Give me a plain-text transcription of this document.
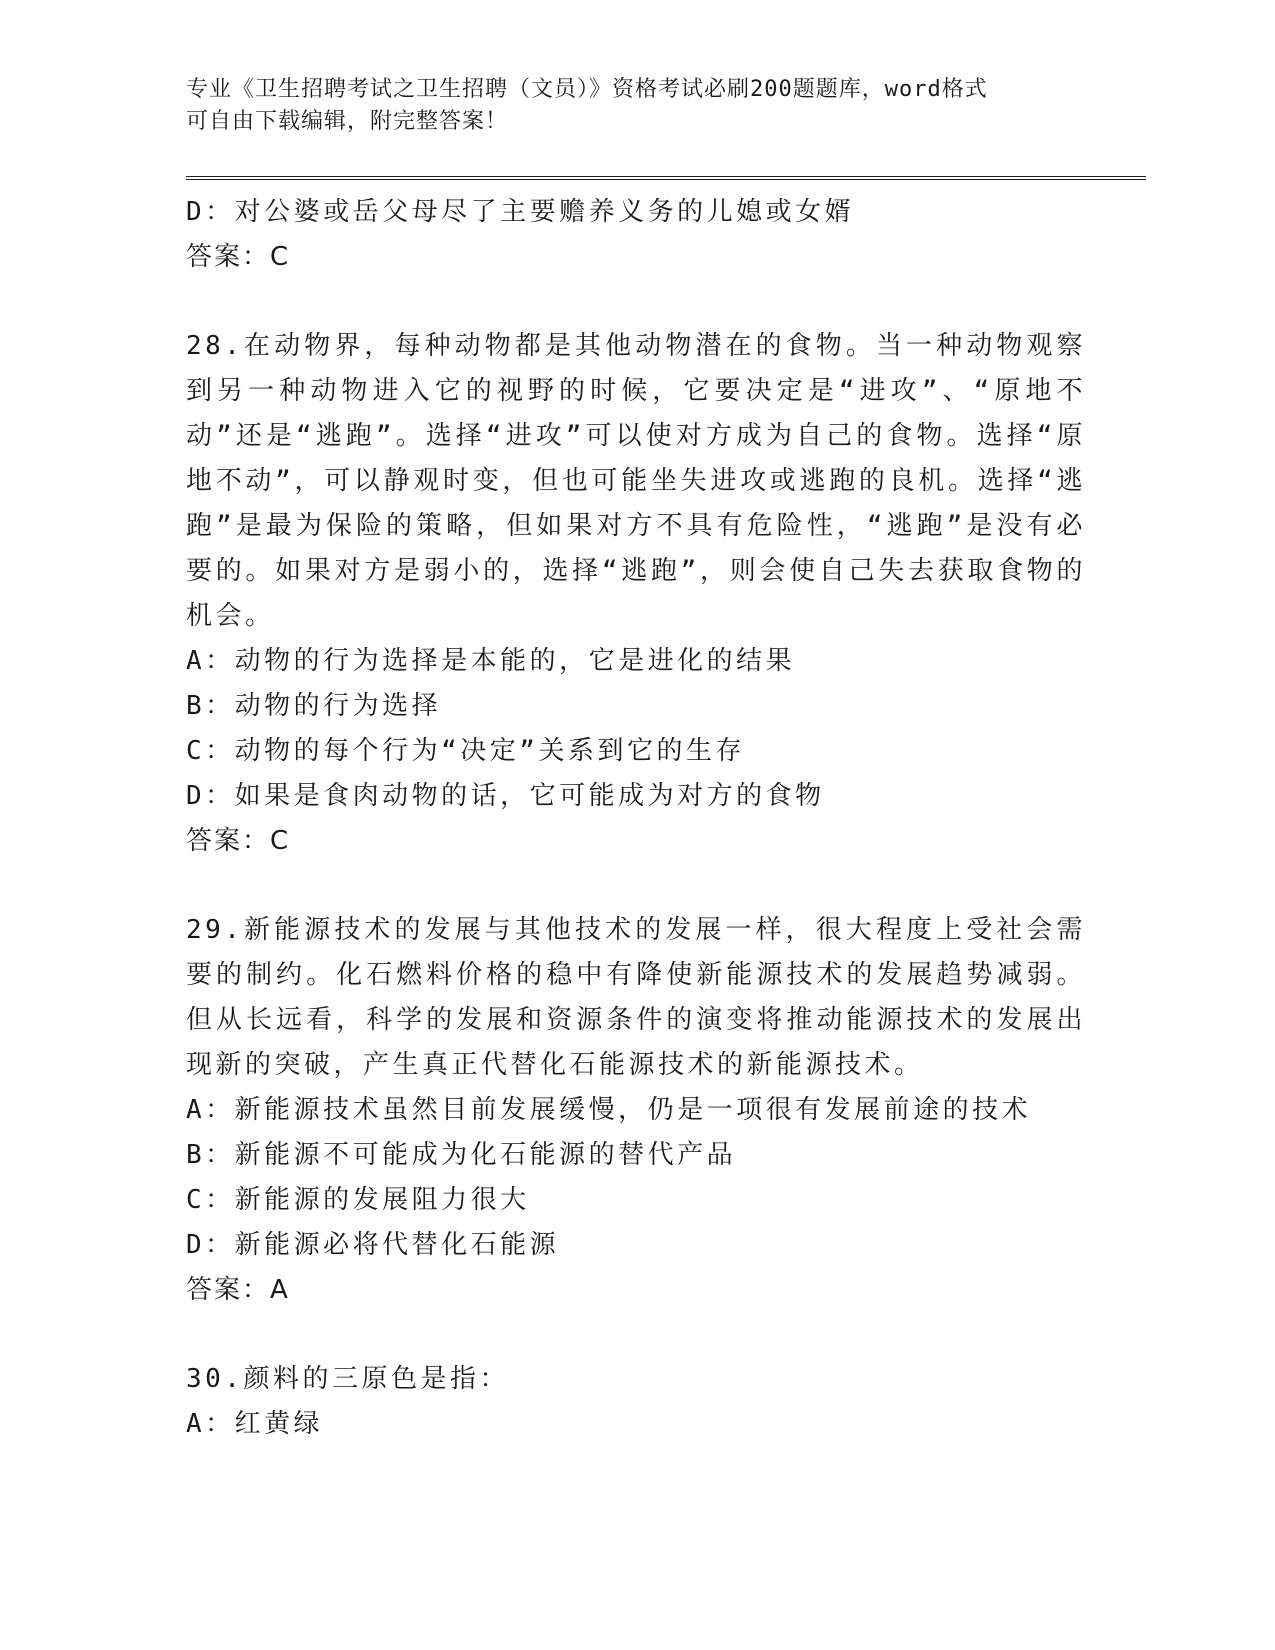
专业《卫生招聘考试之卫生招聘（文员）》资格考试必刷200题题库，word格式
可自由下载编辑，附完整答案！

D：对公婆或岳父母尽了主要赡养义务的儿媳或女婿

答案：C

28.在动物界，每种动物都是其他动物潜在的食物。当一种动物观察到另一种动物进入它的视野的时候，它要决定是“进攻”、“原地不动”还是“逃跑”。选择“进攻”可以使对方成为自己的食物。选择“原地不动”，可以静观时变，但也可能坐失进攻或逃跑的良机。选择“逃跑”是最为保险的策略，但如果对方不具有危险性，“逃跑”是没有必要的。如果对方是弱小的，选择“逃跑”，则会使自己失去获取食物的机会。

A：动物的行为选择是本能的，它是进化的结果

B：动物的行为选择

C：动物的每个行为“决定”关系到它的生存

D：如果是食肉动物的话，它可能成为对方的食物

答案：C

29.新能源技术的发展与其他技术的发展一样，很大程度上受社会需要的制约。化石燃料价格的稳中有降使新能源技术的发展趋势减弱。但从长远看，科学的发展和资源条件的演变将推动能源技术的发展出现新的突破，产生真正代替化石能源技术的新能源技术。

A：新能源技术虽然目前发展缓慢，仍是一项很有发展前途的技术

B：新能源不可能成为化石能源的替代产品

C：新能源的发展阻力很大

D：新能源必将代替化石能源

答案：A

30.颜料的三原色是指：

A：红黄绿
